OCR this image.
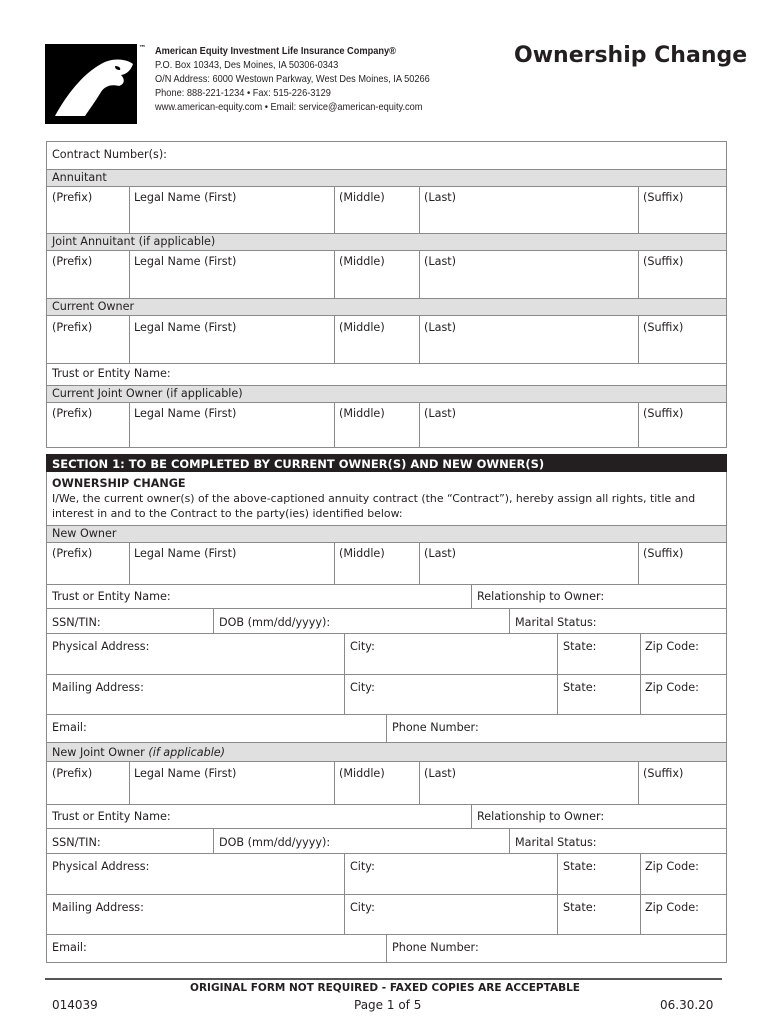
™ American Equity Investment Life Insurance Company®
P.O. Box 10343, Des Moines, IA 50306-0343
O/N Address: 6000 Westown Parkway, West Des Moines, IA 50266
Phone: 888-221-1234 • Fax: 515-226-3129
www.american-equity.com • Email: service@american-equity.com
Ownership Change
Contract Number(s):
Annuitant
(Prefix)	Legal Name (First)	(Middle)	(Last)	(Suffix)
Joint Annuitant (if applicable)
(Prefix)	Legal Name (First)	(Middle)	(Last)	(Suffix)
Current Owner
(Prefix)	Legal Name (First)	(Middle)	(Last)	(Suffix)
Trust or Entity Name:
Current Joint Owner (if applicable)
(Prefix)	Legal Name (First)	(Middle)	(Last)	(Suffix)
SECTION 1: TO BE COMPLETED BY CURRENT OWNER(S) AND NEW OWNER(S)
OWNERSHIP CHANGE
I/We, the current owner(s) of the above-captioned annuity contract (the “Contract”), hereby assign all rights, title and
interest in and to the Contract to the party(ies) identified below:
New Owner
(Prefix)	Legal Name (First)	(Middle)	(Last)	(Suffix)
Trust or Entity Name:	Relationship to Owner:
SSN/TIN:	DOB (mm/dd/yyyy):	Marital Status:
Physical Address:	City:	State:	Zip Code:
Mailing Address:	City:	State:	Zip Code:
Email:	Phone Number:
New Joint Owner (if applicable)
(Prefix)	Legal Name (First)	(Middle)	(Last)	(Suffix)
Trust or Entity Name:	Relationship to Owner:
SSN/TIN:	DOB (mm/dd/yyyy):	Marital Status:
Physical Address:	City:	State:	Zip Code:
Mailing Address:	City:	State:	Zip Code:
Email:	Phone Number:
ORIGINAL FORM NOT REQUIRED - FAXED COPIES ARE ACCEPTABLE
014039	Page 1 of 5	06.30.20
